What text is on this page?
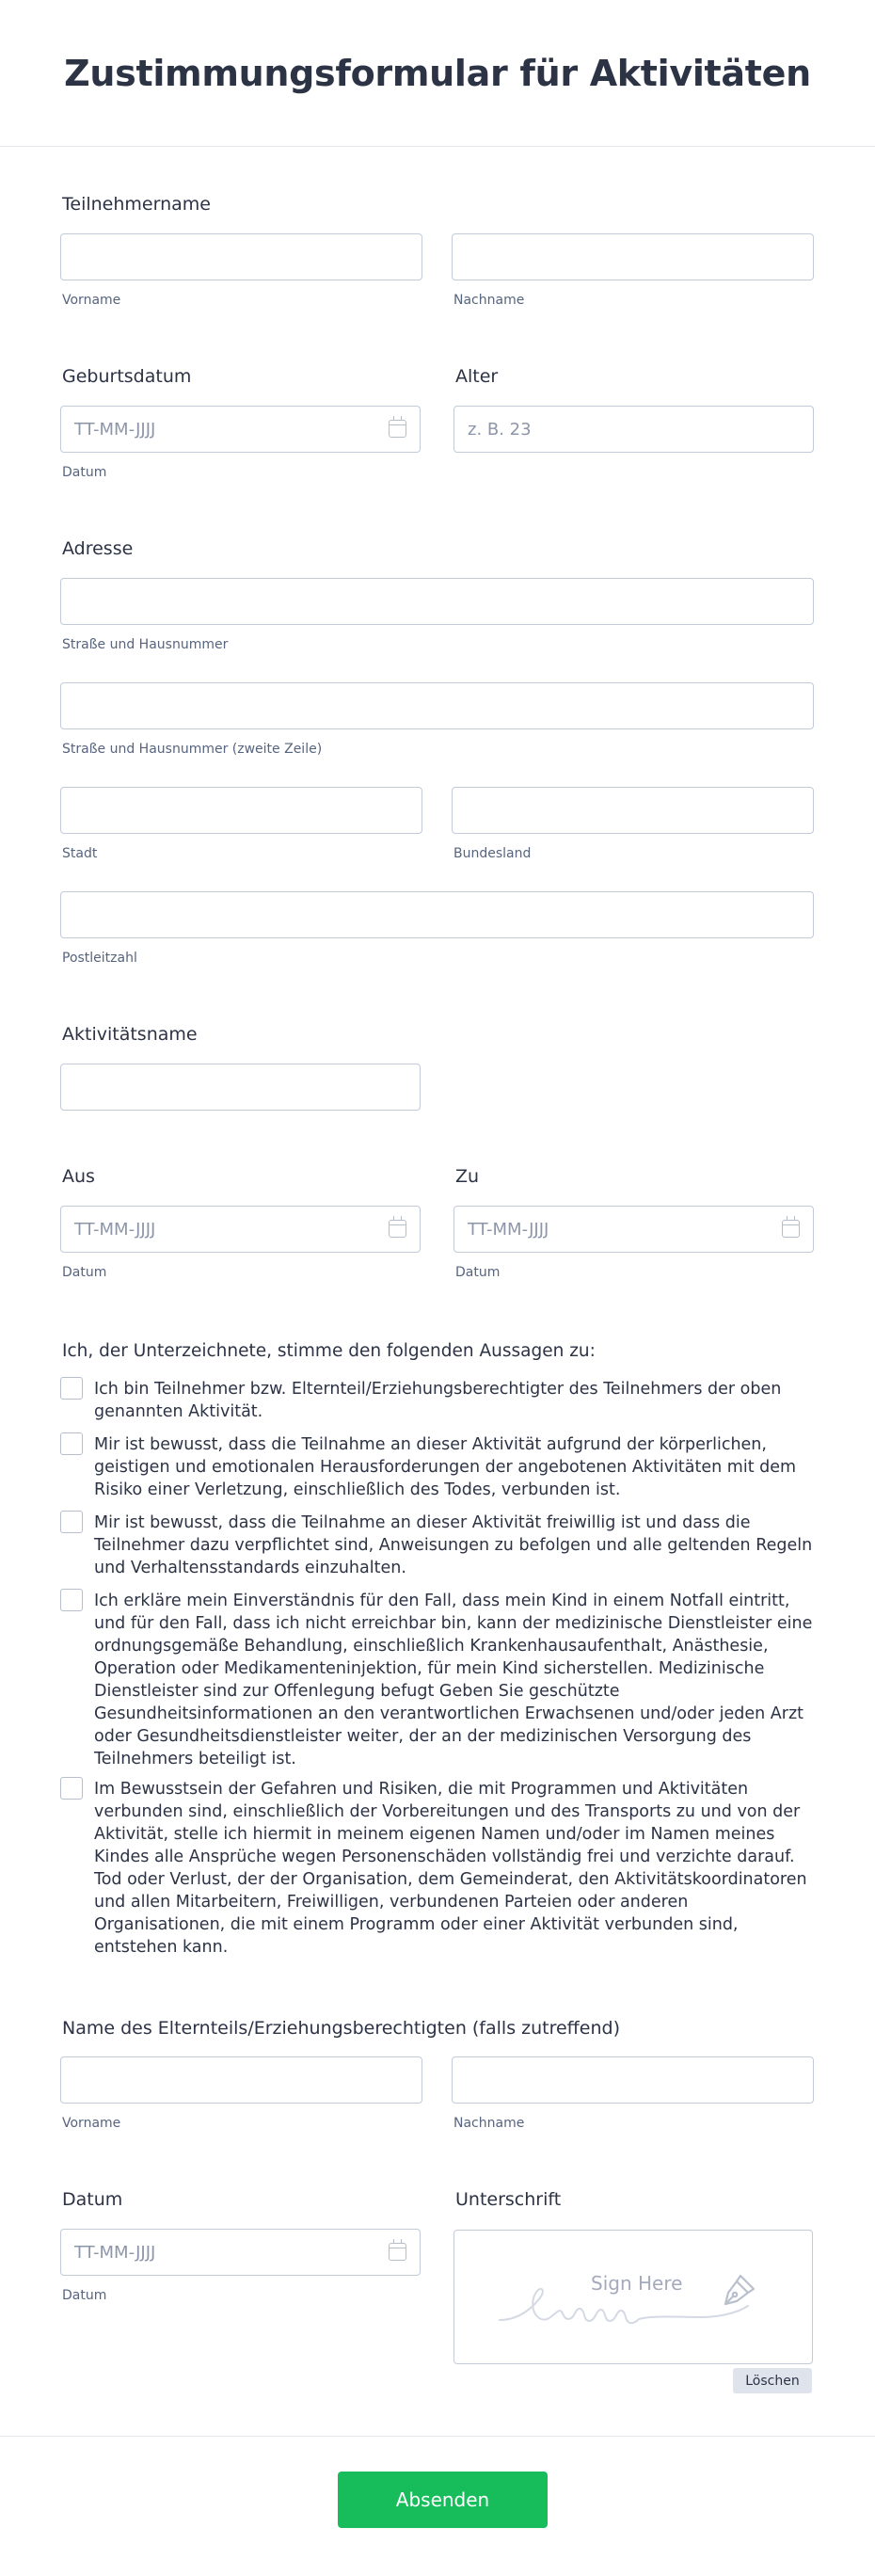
Zustimmungsformular für Aktivitäten
Teilnehmername
Vorname	Nachname
Geburtsdatum	Alter
TT-MM-JJJJ	z. B. 23
Datum
Adresse
Straße und Hausnummer
Straße und Hausnummer (zweite Zeile)
Stadt	Bundesland
Postleitzahl
Aktivitätsname
Aus	Zu
TT-MM-JJJJ	TT-MM-JJJJ
Datum	Datum
Ich, der Unterzeichnete, stimme den folgenden Aussagen zu:
Ich bin Teilnehmer bzw. Elternteil/Erziehungsberechtigter des Teilnehmers der oben genannten Aktivität.
Mir ist bewusst, dass die Teilnahme an dieser Aktivität aufgrund der körperlichen, geistigen und emotionalen Herausforderungen der angebotenen Aktivitäten mit dem Risiko einer Verletzung, einschließlich des Todes, verbunden ist.
Mir ist bewusst, dass die Teilnahme an dieser Aktivität freiwillig ist und dass die Teilnehmer dazu verpflichtet sind, Anweisungen zu befolgen und alle geltenden Regeln und Verhaltensstandards einzuhalten.
Ich erkläre mein Einverständnis für den Fall, dass mein Kind in einem Notfall eintritt, und für den Fall, dass ich nicht erreichbar bin, kann der medizinische Dienstleister eine ordnungsgemäße Behandlung, einschließlich Krankenhausaufenthalt, Anästhesie, Operation oder Medikamenteninjektion, für mein Kind sicherstellen. Medizinische Dienstleister sind zur Offenlegung befugt Geben Sie geschützte Gesundheitsinformationen an den verantwortlichen Erwachsenen und/oder jeden Arzt oder Gesundheitsdienstleister weiter, der an der medizinischen Versorgung des Teilnehmers beteiligt ist.
Im Bewusstsein der Gefahren und Risiken, die mit Programmen und Aktivitäten verbunden sind, einschließlich der Vorbereitungen und des Transports zu und von der Aktivität, stelle ich hiermit in meinem eigenen Namen und/oder im Namen meines Kindes alle Ansprüche wegen Personenschäden vollständig frei und verzichte darauf. Tod oder Verlust, der der Organisation, dem Gemeinderat, den Aktivitätskoordinatoren und allen Mitarbeitern, Freiwilligen, verbundenen Parteien oder anderen Organisationen, die mit einem Programm oder einer Aktivität verbunden sind, entstehen kann.
Name des Elternteils/Erziehungsberechtigten (falls zutreffend)
Vorname	Nachname
Datum	Unterschrift
TT-MM-JJJJ
Datum
Sign Here
Löschen
Absenden
